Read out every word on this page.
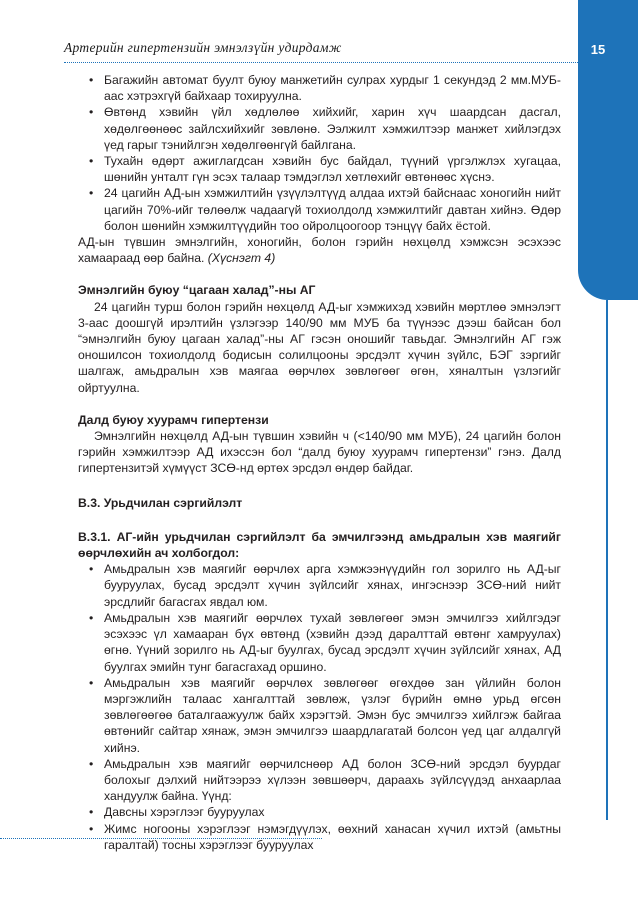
Артерийн гипертензийн эмнэлзүйн удирдамж	15
• Багажийн автомат буулт буюу манжетийн сулрах хурдыг 1 секундэд 2 мм.МУБ-аас хэтрэхгүй байхаар тохируулна.
• Өвтөнд хэвийн үйл хөдлөлөө хийхийг, харин хүч шаардсан дасгал, хөдөлгөөнөөс зайлсхийхийг зөвлөнө. Ээлжилт хэмжилтээр манжет хийлэгдэх үед гарыг тэнийлгэн хөдөлгөөнгүй байлгана.
• Тухайн өдөрт ажиглагдсан хэвийн бус байдал, түүний үргэлжлэх хугацаа, шөнийн унталт гүн эсэх талаар тэмдэглэл хөтлөхийг өвтөнөөс хүснэ.
• 24 цагийн АД-ын хэмжилтийн үзүүлэлтүүд алдаа ихтэй байснаас хоногийн нийт цагийн 70%-ийг төлөөлж чадаагүй тохиолдолд хэмжилтийг давтан хийнэ. Өдөр болон шөнийн хэмжилтүүдийн тоо ойролцоогоор тэнцүү байх ёстой.

АД-ын түвшин эмнэлгийн, хоногийн, болон гэрийн нөхцөлд хэмжсэн эсэхээс хамаараад өөр байна. (Хүснэгт 4)

Эмнэлгийн буюу “цагаан халад”-ны АГ

24 цагийн турш болон гэрийн нөхцөлд АД-ыг хэмжихэд хэвийн мөртлөө эмнэлэгт 3-аас доошгүй ирэлтийн үзлэгээр 140/90 мм МУБ ба түүнээс дээш байсан бол “эмнэлгийн буюу цагаан халад”-ны АГ гэсэн оношийг тавьдаг. Эмнэлгийн АГ гэж оношилсон тохиолдолд бодисын солилцооны эрсдэлт хүчин зүйлс, БЭГ зэргийг шалгаж, амьдралын хэв маягаа өөрчлөх зөвлөгөөг өгөн, хяналтын үзлэгийг ойртуулна.

Далд буюу хуурамч гипертензи

Эмнэлгийн нөхцөлд АД-ын түвшин хэвийн ч (<140/90 мм МУБ), 24 цагийн болон гэрийн хэмжилтээр АД ихэссэн бол “далд буюу хуурамч гипертензи” гэнэ. Далд гипертензитэй хүмүүст ЗСӨ-нд өртөх эрсдэл өндөр байдаг.

В.3. Урьдчилан сэргийлэлт

В.3.1. АГ-ийн урьдчилан сэргийлэлт ба эмчилгээнд амьдралын хэв маягийг өөрчлөхийн ач холбогдол:

• Амьдралын хэв маягийг өөрчлөх арга хэмжээнүүдийн гол зорилго нь АД-ыг бууруулах, бусад эрсдэлт хүчин зүйлсийг хянах, ингэснээр ЗСӨ-ний нийт эрсдлийг багасгах явдал юм.
• Амьдралын хэв маягийг өөрчлөх тухай зөвлөгөөг эмэн эмчилгээ хийлгэдэг эсэхээс үл хамааран бүх өвтөнд (хэвийн дээд даралттай өвтөнг хамруулах) өгнө. Үүний зорилго нь АД-ыг буулгах, бусад эрсдэлт хүчин зүйлсийг хянах, АД буулгах эмийн тунг багасгахад оршино.
• Амьдралын хэв маягийг өөрчлөх зөвлөгөөг өгөхдөө зан үйлийн болон мэргэжлийн талаас хангалттай зөвлөж, үзлэг бүрийн өмнө урьд өгсөн зөвлөгөөгөө баталгаажуулж байх хэрэгтэй. Эмэн бус эмчилгээ хийлгэж байгаа өвтөнийг сайтар хянаж, эмэн эмчилгээ шаардлагатай болсон үед цаг алдалгүй хийнэ.
• Амьдралын хэв маягийг өөрчилснөөр АД болон ЗСӨ-ний эрсдэл буурдаг болохыг дэлхий нийтээрээ хүлээн зөвшөөрч, дараахь зүйлсүүдэд анхаарлаа хандуулж байна. Үүнд:
• Давсны хэрэглээг бууруулах
• Жимс ногооны хэрэглээг нэмэгдүүлэх, өөхний ханасан хүчил ихтэй (амьтны гаралтай) тосны хэрэглээг бууруулах
